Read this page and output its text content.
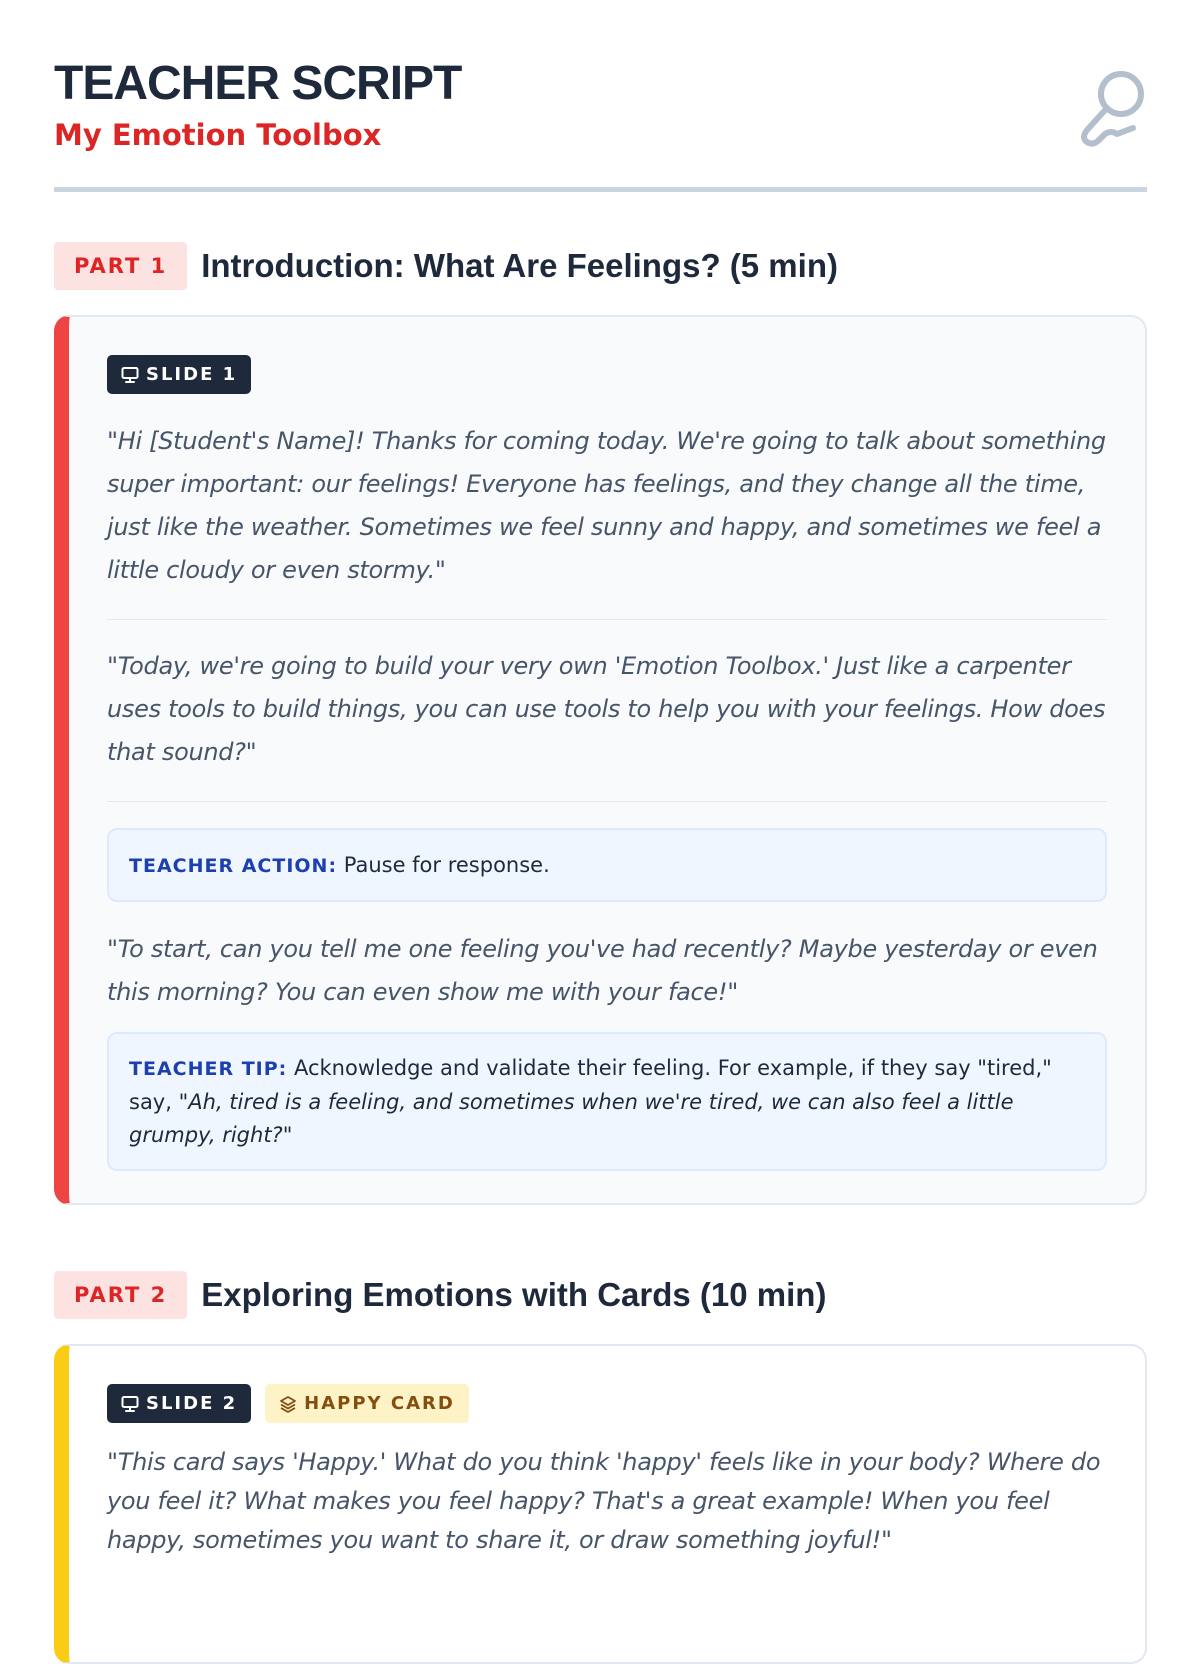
TEACHER SCRIPT
My Emotion Toolbox
PART 1	Introduction: What Are Feelings? (5 min)
SLIDE 1

"Hi [Student's Name]! Thanks for coming today. We're going to talk about something super important: our feelings! Everyone has feelings, and they change all the time, just like the weather. Sometimes we feel sunny and happy, and sometimes we feel a little cloudy or even stormy."

"Today, we're going to build your very own 'Emotion Toolbox.' Just like a carpenter uses tools to build things, you can use tools to help you with your feelings. How does that sound?"

TEACHER ACTION: Pause for response.

"To start, can you tell me one feeling you've had recently? Maybe yesterday or even this morning? You can even show me with your face!"

TEACHER TIP: Acknowledge and validate their feeling. For example, if they say "tired," say, "Ah, tired is a feeling, and sometimes when we're tired, we can also feel a little grumpy, right?"
PART 2	Exploring Emotions with Cards (10 min)
SLIDE 2	HAPPY CARD

"This card says 'Happy.' What do you think 'happy' feels like in your body? Where do you feel it? What makes you feel happy? That's a great example! When you feel happy, sometimes you want to share it, or draw something joyful!"
